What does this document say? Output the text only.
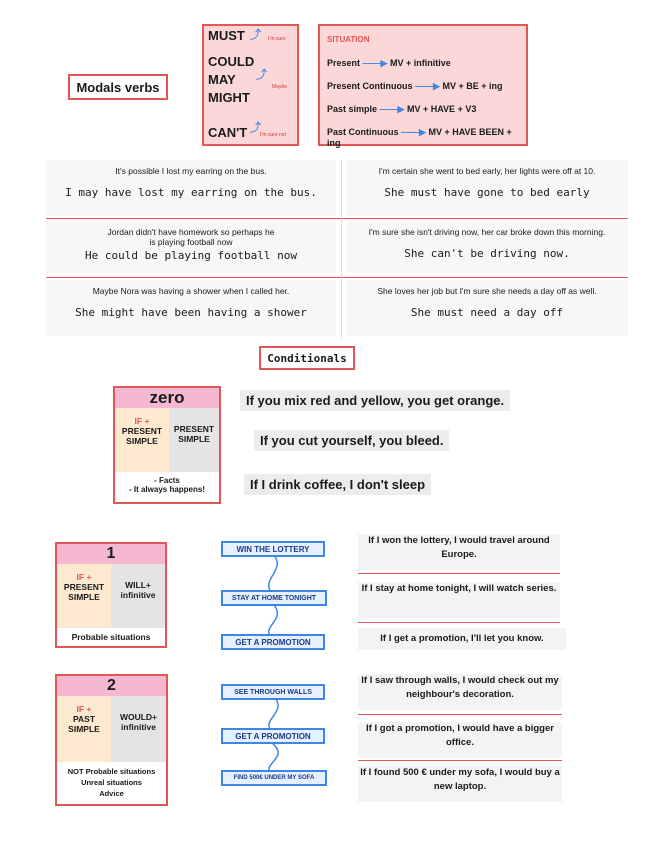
Modals verbs
MUST ⤴ I'm sure
COULD
MAY ⤴
Maybe
MIGHT
CAN'T ⤴
I'm sure not
SITUATION
Present ——▶ MV + infinitive
Present Continuous ——▶ MV + BE + ing
Past simple ——▶ MV + HAVE + V3
Past Continuous ——▶ MV + HAVE BEEN + ing
It's possible I lost my earring on the bus.
I may have lost my earring on the bus.
I'm certain she went to bed early, her lights were off at 10.
She must have gone to bed early
Jordan didn't have homework so perhaps he is playing football now
He could be playing football now
I'm sure she isn't driving now, her car broke down this morning.
She can't be driving now.
Maybe Nora was having a shower when I called her.
She might have been having a shower
She loves her job but I'm sure she needs a day off as well.
She must need a day off
Conditionals
zero
IF +
PRESENT SIMPLE
PRESENT SIMPLE
- Facts
- It always happens!
If you mix red and yellow, you get orange.
If you cut yourself, you bleed.
If I drink coffee, I don't sleep
1
IF +
PRESENT SIMPLE
WILL+ infinitive
Probable situations
WIN THE LOTTERY
STAY AT HOME TONIGHT
GET A PROMOTION
If I won the lottery, I would travel around Europe.
If I stay at home tonight, I will watch series.
If I get a promotion, I'll let you know.
2
IF +
PAST SIMPLE
WOULD+ infinitive
NOT Probable situations
Unreal situations
Advice
SEE THROUGH WALLS
GET A PROMOTION
FIND 500€ UNDER MY SOFA
If I saw through walls, I would check out my neighbour's decoration.
If I got a promotion, I would have a bigger office.
If I found 500 € under my sofa, I would buy a new laptop.
